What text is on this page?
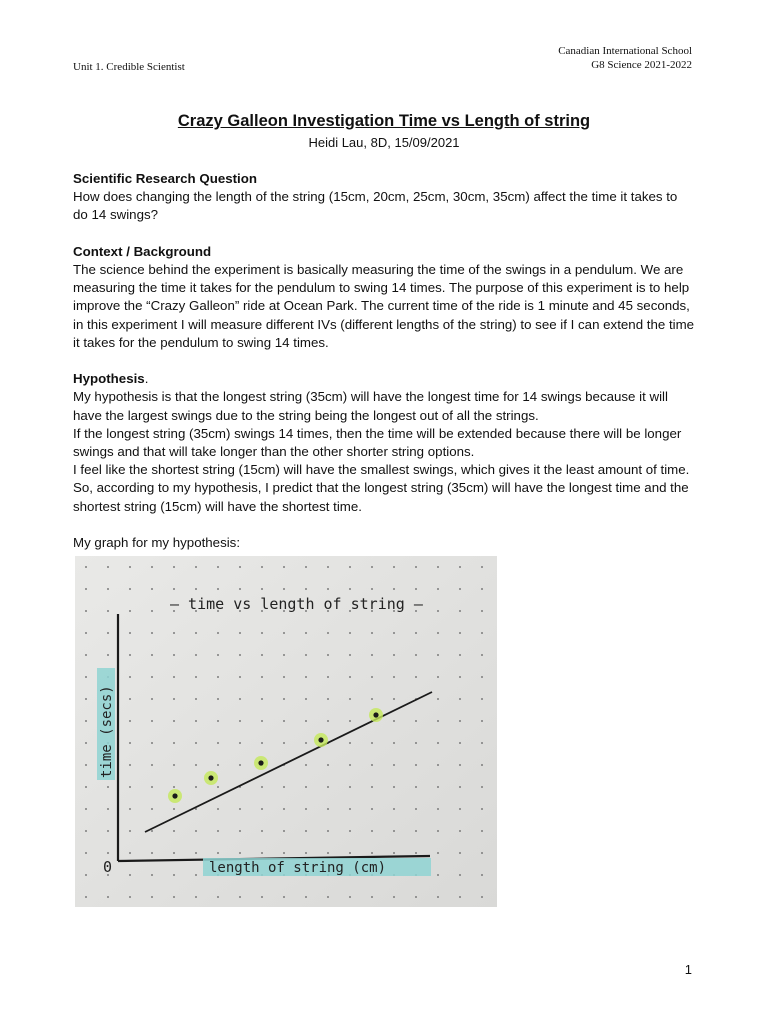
Unit 1. Credible Scientist
Canadian International School
G8 Science 2021-2022
Crazy Galleon Investigation Time vs Length of string
Heidi Lau, 8D, 15/09/2021
Scientific Research Question

How does changing the length of the string (15cm, 20cm, 25cm, 30cm, 35cm) affect the time it takes to do 14 swings?

Context / Background

The science behind the experiment is basically measuring the time of the swings in a pendulum. We are measuring the time it takes for the pendulum to swing 14 times. The purpose of this experiment is to help improve the “Crazy Galleon” ride at Ocean Park. The current time of the ride is 1 minute and 45 seconds, in this experiment I will measure different IVs (different lengths of the string) to see if I can extend the time it takes for the pendulum to swing 14 times.

Hypothesis.

My hypothesis is that the longest string (35cm) will have the longest time for 14 swings because it will have the largest swings due to the string being the longest out of all the strings.

If the longest string (35cm) swings 14 times, then the time will be extended because there will be longer swings and that will take longer than the other shorter string options.

I feel like the shortest string (15cm) will have the smallest swings, which gives it the least amount of time. So, according to my hypothesis, I predict that the longest string (35cm) will have the longest time and the shortest string (15cm) will have the shortest time.

My graph for my hypothesis:

— time vs length of string —
time (secs)
length of string (cm)
0
1
